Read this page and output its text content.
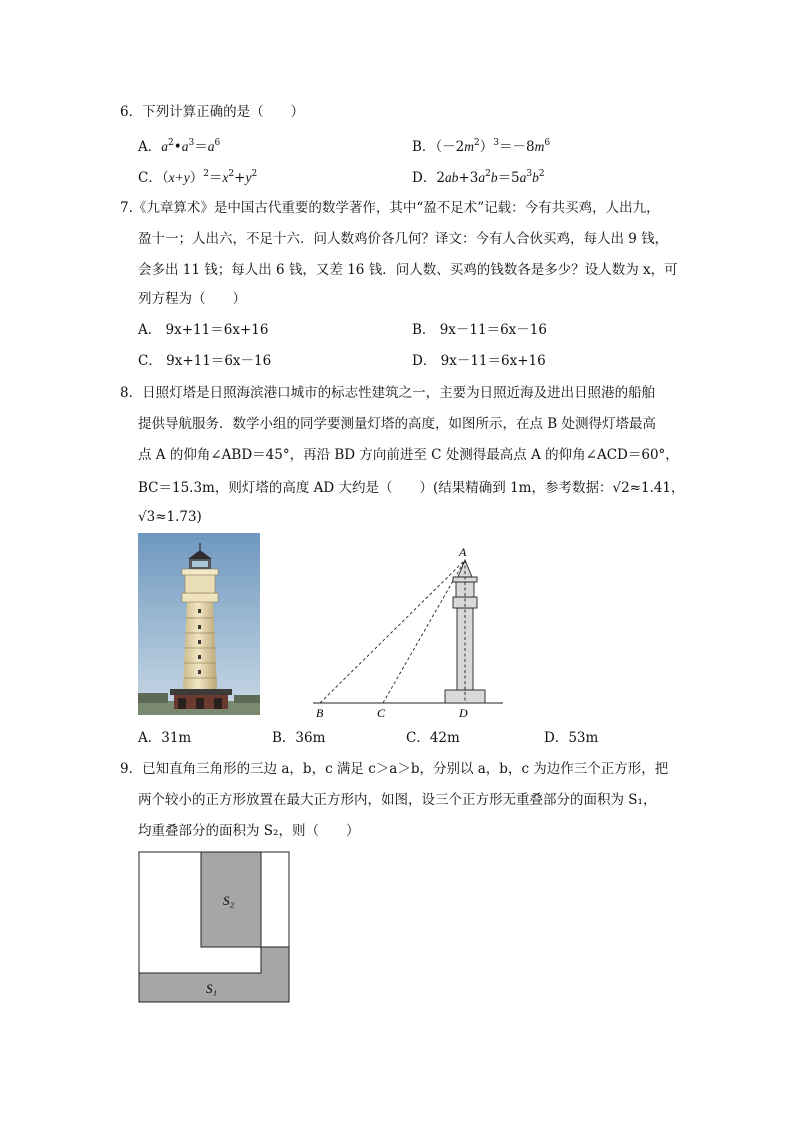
6．下列计算正确的是（　　）
A．$a^2•a^3=a^6$	B．$(-2m^2)^3=-8m^6$
C．$(x+y)^2=x^2+y^2$	D．$2ab+3a^2b=5a^3b^2$
7.《九章算术》是中国古代重要的数学著作，其中“盈不足术”记载：今有共买鸡，人出九，
盈十一；人出六，不足十六．问人数鸡价各几何？译文：今有人合伙买鸡，每人出 9 钱，
会多出 11 钱；每人出 6 钱，又差 16 钱．问人数、买鸡的钱数各是多少？设人数为 x，可
列方程为（　　）
A． 9x+11＝6x+16	B． 9x－11＝6x－16
C． 9x+11＝6x－16	D． 9x－11＝6x+16
8．日照灯塔是日照海滨港口城市的标志性建筑之一，主要为日照近海及进出日照港的船舶
提供导航服务．数学小组的同学要测量灯塔的高度，如图所示，在点 B 处测得灯塔最高
点 A 的仰角∠ABD＝45°，再沿 BD 方向前进至 C 处测得最高点 A 的仰角∠ACD＝60°，
BC＝15.3m，则灯塔的高度 AD 大约是（　　）(结果精确到 1m，参考数据：√2≈1.41，
√3≈1.73)
A
B	C	D
A．31m	B．36m	C．42m	D．53m
9．已知直角三角形的三边 a，b，c 满足 c＞a＞b，分别以 a，b，c 为边作三个正方形，把
两个较小的正方形放置在最大正方形内，如图，设三个正方形无重叠部分的面积为 S₁，
均重叠部分的面积为 S₂，则（　　）
S₂
S₁
